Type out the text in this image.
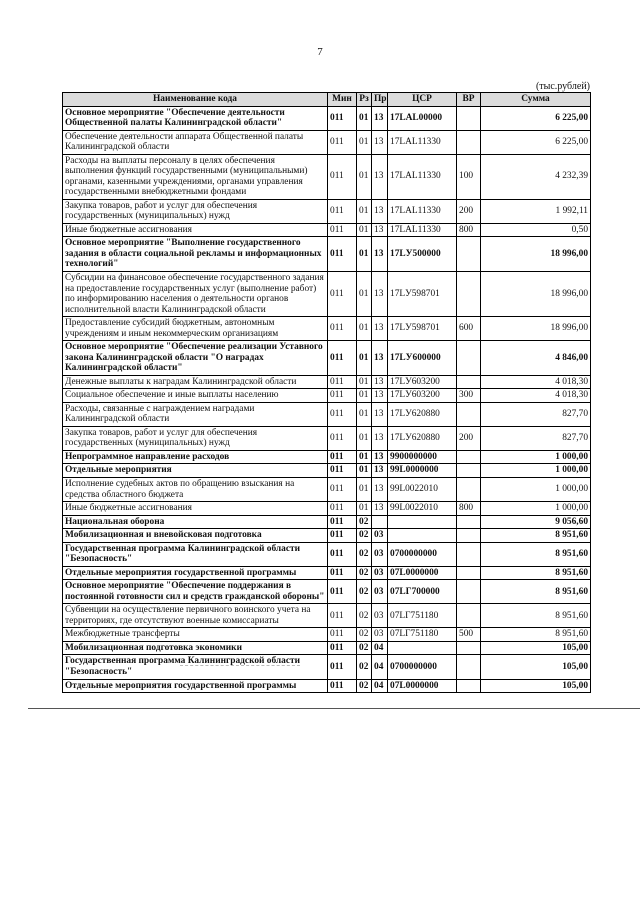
7
(тыс.рублей)
Наименование кода	Мин	Рз	Пр	ЦСР	ВР	Сумма
Основное мероприятие "Обеспечение деятельности Общественной палаты Калининградской области"	011	01	13	17LAL00000		6 225,00
Обеспечение деятельности аппарата Общественной палаты Калининградской области	011	01	13	17LAL11330		6 225,00
Расходы на выплаты персоналу в целях обеспечения выполнения функций государственными (муниципальными) органами, казенными учреждениями, органами управления государственными внебюджетными фондами	011	01	13	17LAL11330	100	4 232,39
Закупка товаров, работ и услуг для обеспечения государственных (муниципальных) нужд	011	01	13	17LAL11330	200	1 992,11
Иные бюджетные ассигнования	011	01	13	17LAL11330	800	0,50
Основное мероприятие "Выполнение государственного задания в области социальной рекламы и информационных технологий"	011	01	13	17LУ500000		18 996,00
Субсидии на финансовое обеспечение государственного задания на предоставление государственных услуг (выполнение работ) по информированию населения о деятельности органов исполнительной власти Калининградской области	011	01	13	17LУ598701		18 996,00
Предоставление субсидий бюджетным, автономным учреждениям и иным некоммерческим организациям	011	01	13	17LУ598701	600	18 996,00
Основное мероприятие "Обеспечение реализации Уставного закона Калининградской области "О наградах Калининградской области"	011	01	13	17LУ600000		4 846,00
Денежные выплаты к наградам Калининградской области	011	01	13	17LУ603200		4 018,30
Социальное обеспечение и иные выплаты населению	011	01	13	17LУ603200	300	4 018,30
Расходы, связанные с награждением наградами Калининградской области	011	01	13	17LУ620880		827,70
Закупка товаров, работ и услуг для обеспечения государственных (муниципальных) нужд	011	01	13	17LУ620880	200	827,70
Непрограммное направление расходов	011	01	13	9900000000		1 000,00
Отдельные мероприятия	011	01	13	99L0000000		1 000,00
Исполнение судебных актов по обращению взыскания на средства областного бюджета	011	01	13	99L0022010		1 000,00
Иные бюджетные ассигнования	011	01	13	99L0022010	800	1 000,00
Национальная оборона	011	02				9 056,60
Мобилизационная и вневойсковая подготовка	011	02	03			8 951,60
Государственная программа Калининградской области "Безопасность"	011	02	03	0700000000		8 951,60
Отдельные мероприятия государственной программы	011	02	03	07L0000000		8 951,60
Основное мероприятие "Обеспечение поддержания в постоянной готовности сил и средств гражданской обороны"	011	02	03	07LГ700000		8 951,60
Субвенции на осуществление первичного воинского учета на территориях, где отсутствуют военные комиссариаты	011	02	03	07LГ751180		8 951,60
Межбюджетные трансферты	011	02	03	07LГ751180	500	8 951,60
Мобилизационная подготовка экономики	011	02	04			105,00
Государственная программа Калининградской области "Безопасность"	011	02	04	0700000000		105,00
Отдельные мероприятия государственной программы	011	02	04	07L0000000		105,00
